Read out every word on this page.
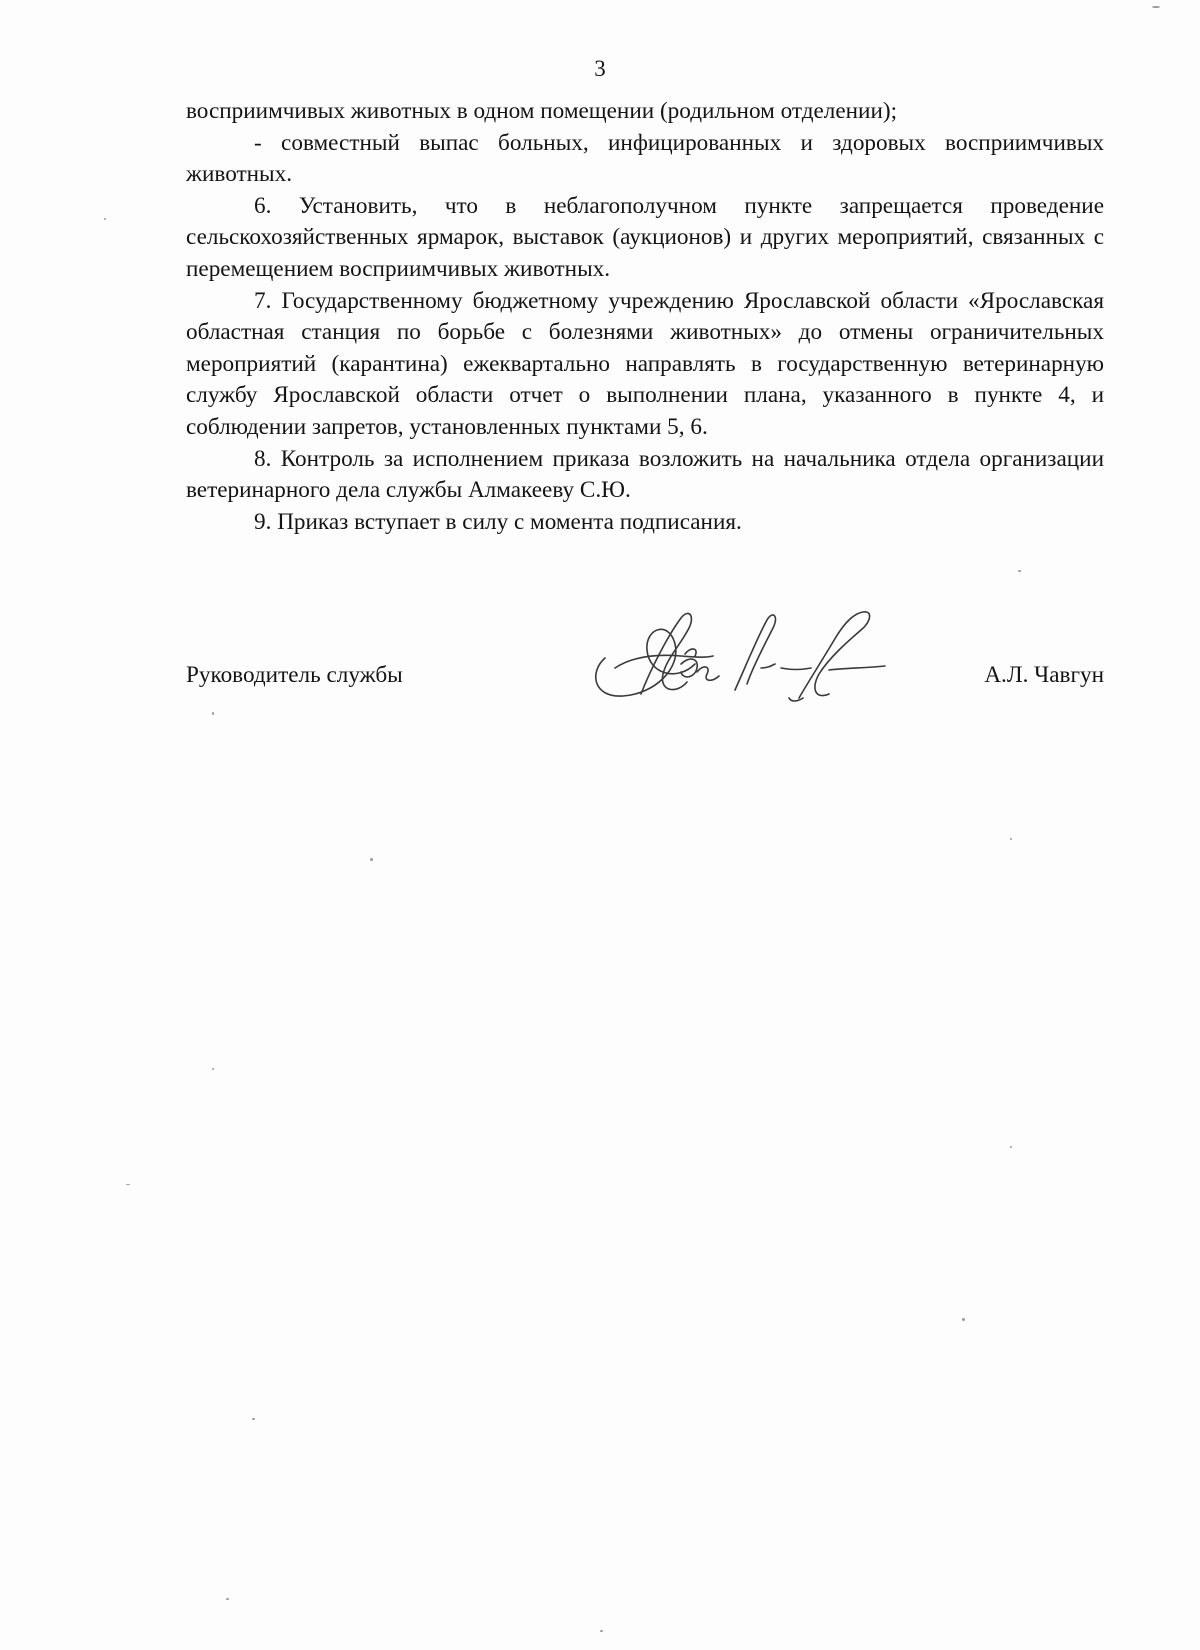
3

восприимчивых животных в одном помещении (родильном отделении);

- совместный выпас больных, инфицированных и здоровых восприимчивых животных.

6. Установить, что в неблагополучном пункте запрещается проведение сельскохозяйственных ярмарок, выставок (аукционов) и других мероприятий, связанных с перемещением восприимчивых животных.

7. Государственному бюджетному учреждению Ярославской области «Ярославская областная станция по борьбе с болезнями животных» до отмены ограничительных мероприятий (карантина) ежеквартально направлять в государственную ветеринарную службу Ярославской области отчет о выполнении плана, указанного в пункте 4, и соблюдении запретов, установленных пунктами 5, 6.

8. Контроль за исполнением приказа возложить на начальника отдела организации ветеринарного дела службы Алмакееву С.Ю.

9. Приказ вступает в силу с момента подписания.

Руководитель службы	А.Л. Чавгун
